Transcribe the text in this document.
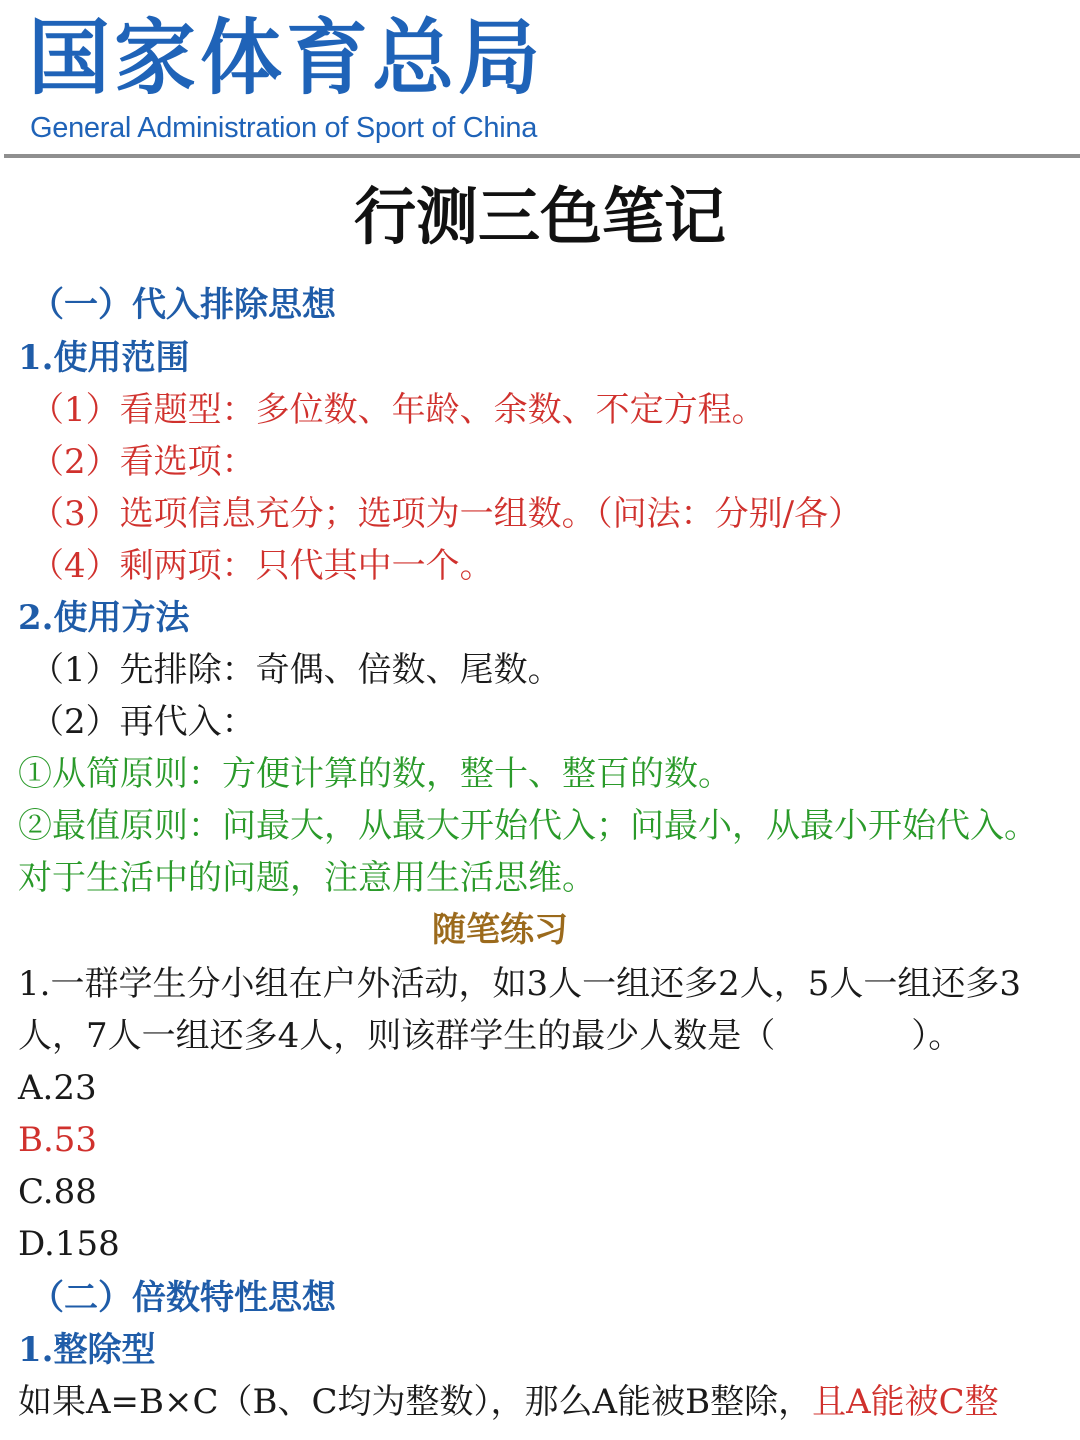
国家体育总局
General Administration of Sport of China
行测三色笔记
（一）代入排除思想
1.使用范围
（1）看题型：多位数、年龄、余数、不定方程。
（2）看选项：
（3）选项信息充分；选项为一组数。（问法：分别/各）
（4）剩两项：只代其中一个。
2.使用方法
（1）先排除：奇偶、倍数、尾数。
（2）再代入：
①从简原则：方便计算的数，整十、整百的数。
②最值原则：问最大，从最大开始代入；问最小，从最小开始代入。
对于生活中的问题，注意用生活思维。
随笔练习
1.一群学生分小组在户外活动，如3人一组还多2人，5人一组还多3
人，7人一组还多4人，则该群学生的最少人数是（　　　　）。
A.23
B.53
C.88
D.158
（二）倍数特性思想
1.整除型
如果A=B×C（B、C均为整数），那么A能被B整除，且A能被C整
